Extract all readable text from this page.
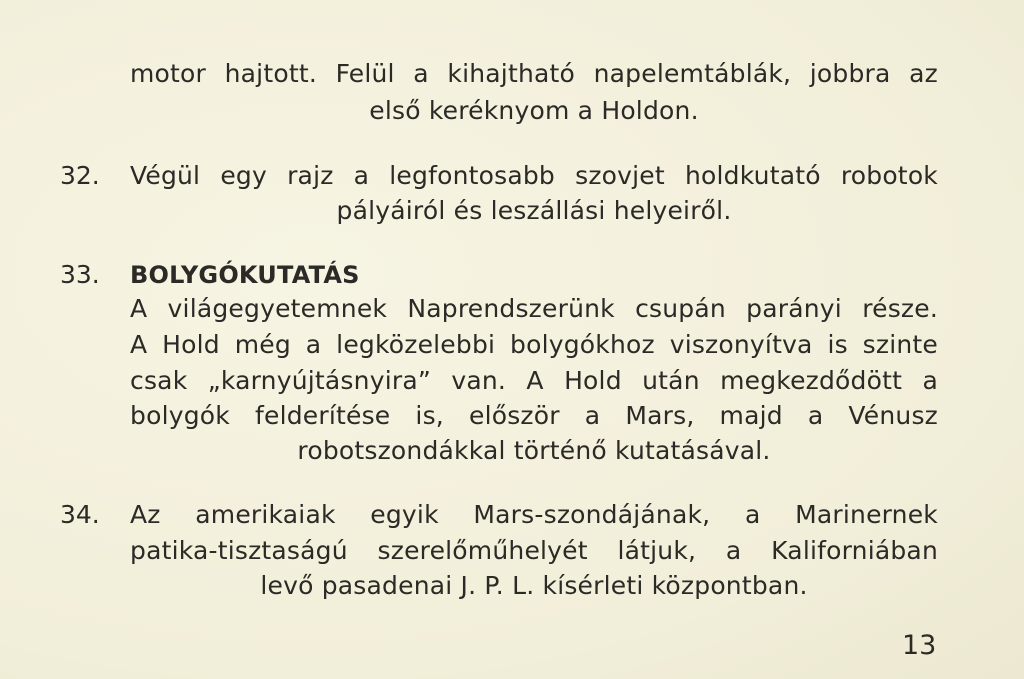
motor hajtott. Felül a kihajtható napelemtáblák, jobbra az
első keréknyom a Holdon.
32. Végül egy rajz a legfontosabb szovjet holdkutató robotok
pályáiról és leszállási helyeiről.
33. BOLYGÓKUTATÁS
A világegyetemnek Naprendszerünk csupán parányi része.
A Hold még a legközelebbi bolygókhoz viszonyítva is szinte
csak „karnyújtásnyira” van. A Hold után megkezdődött a
bolygók felderítése is, először a Mars, majd a Vénusz
robotszondákkal történő kutatásával.
34. Az amerikaiak egyik Mars-szondájának, a Marinernek
patika-tisztaságú szerelőműhelyét látjuk, a Kaliforniában
levő pasadenai J. P. L. kísérleti központban.
13
